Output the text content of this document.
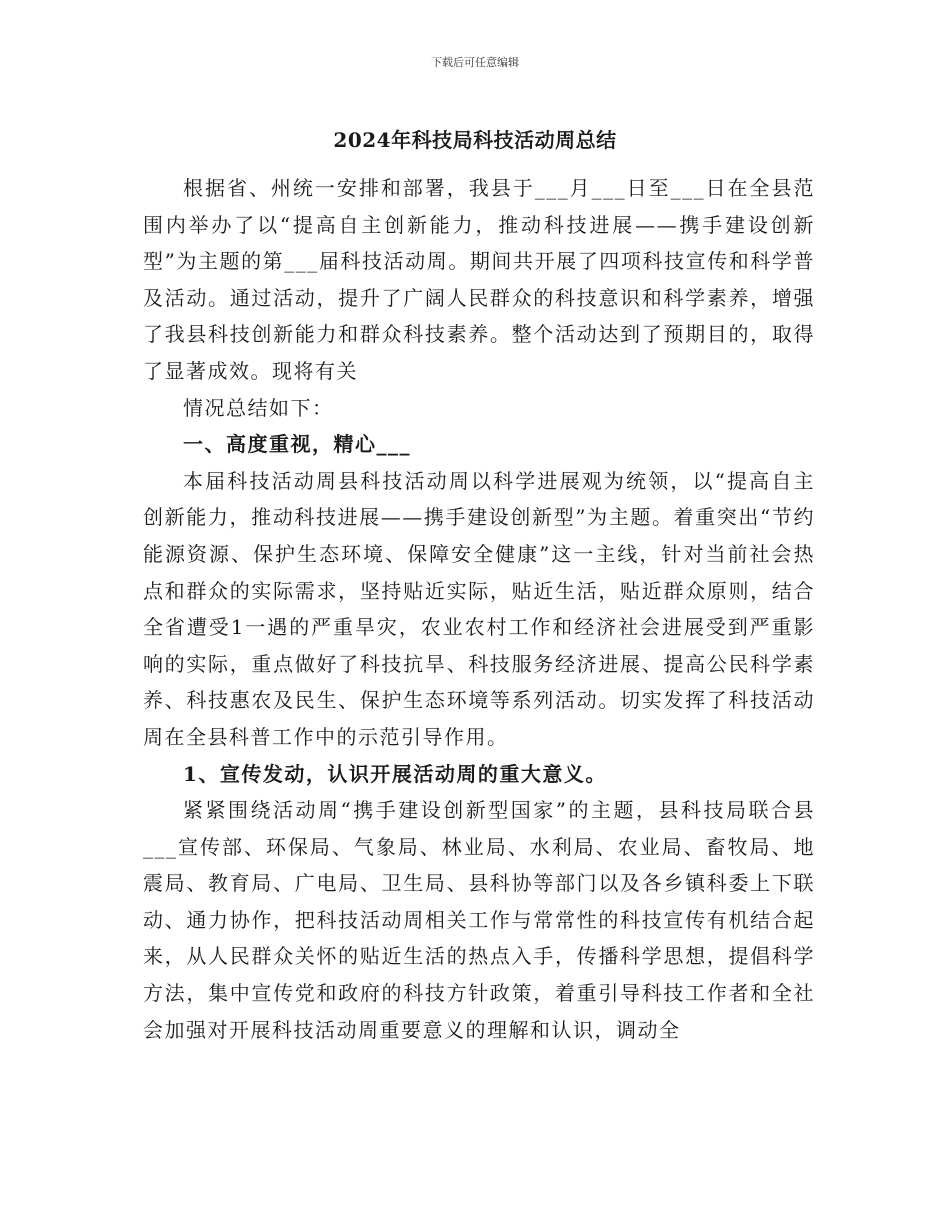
下载后可任意编辑
2024年科技局科技活动周总结

根据省、州统一安排和部署，我县于___月___日至___日在全县范围内举办了以“提高自主创新能力，推动科技进展——携手建设创新型”为主题的第___届科技活动周。期间共开展了四项科技宣传和科学普及活动。通过活动，提升了广阔人民群众的科技意识和科学素养，增强了我县科技创新能力和群众科技素养。整个活动达到了预期目的，取得了显著成效。现将有关

情况总结如下：

一、高度重视，精心___

本届科技活动周县科技活动周以科学进展观为统领，以“提高自主创新能力，推动科技进展——携手建设创新型”为主题。着重突出“节约能源资源、保护生态环境、保障安全健康”这一主线，针对当前社会热点和群众的实际需求，坚持贴近实际，贴近生活，贴近群众原则，结合全省遭受1一遇的严重旱灾，农业农村工作和经济社会进展受到严重影响的实际，重点做好了科技抗旱、科技服务经济进展、提高公民科学素养、科技惠农及民生、保护生态环境等系列活动。切实发挥了科技活动周在全县科普工作中的示范引导作用。

1、宣传发动，认识开展活动周的重大意义。

紧紧围绕活动周“携手建设创新型国家”的主题，县科技局联合县___宣传部、环保局、气象局、林业局、水利局、农业局、畜牧局、地震局、教育局、广电局、卫生局、县科协等部门以及各乡镇科委上下联动、通力协作，把科技活动周相关工作与常常性的科技宣传有机结合起来，从人民群众关怀的贴近生活的热点入手，传播科学思想，提倡科学方法，集中宣传党和政府的科技方针政策，着重引导科技工作者和全社会加强对开展科技活动周重要意义的理解和认识，调动全
